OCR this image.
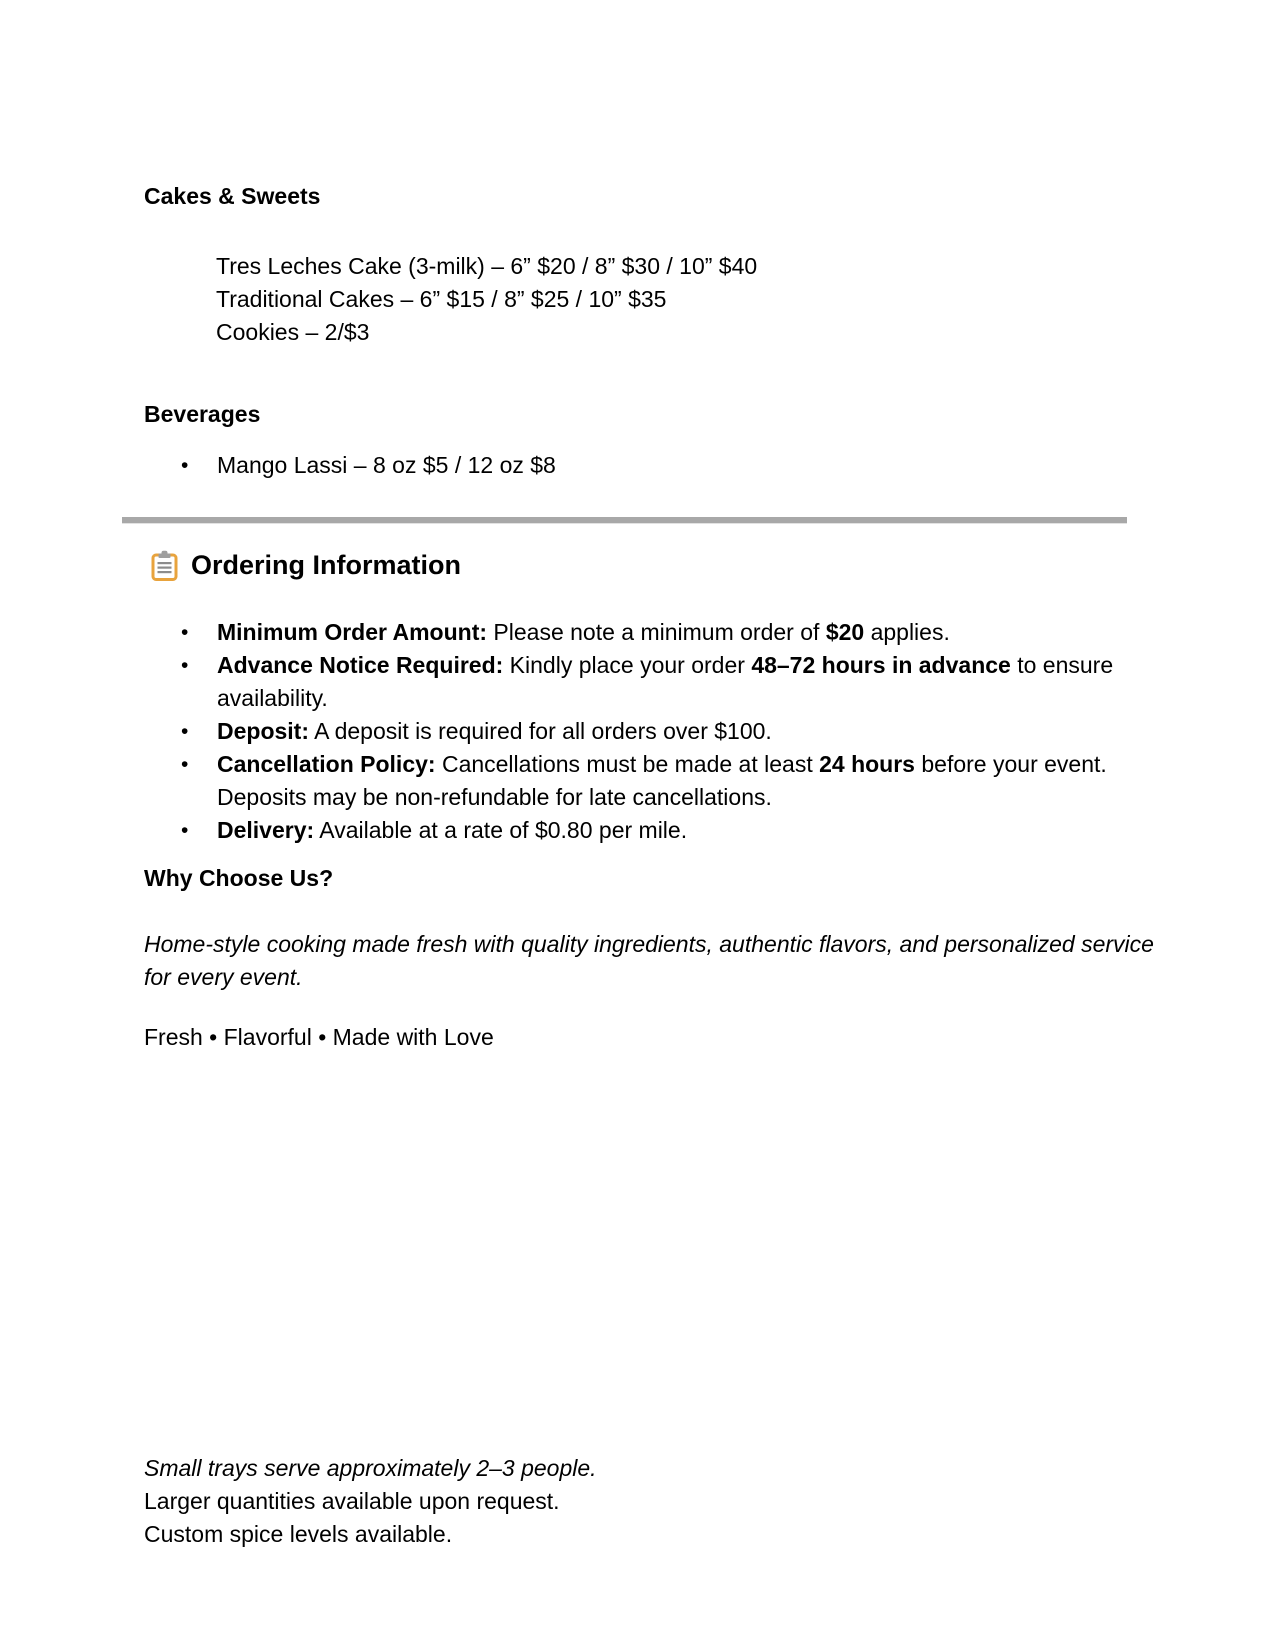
Cakes & Sweets
Tres Leches Cake (3-milk) – 6” $20 / 8” $30 / 10” $40
Traditional Cakes – 6” $15 / 8” $25 / 10” $35
Cookies – 2/$3
Beverages
•	Mango Lassi – 8 oz $5 / 12 oz $8
Ordering Information
•	Minimum Order Amount: Please note a minimum order of $20 applies.
•	Advance Notice Required: Kindly place your order 48–72 hours in advance to ensure availability.
•	Deposit: A deposit is required for all orders over $100.
•	Cancellation Policy: Cancellations must be made at least 24 hours before your event. Deposits may be non-refundable for late cancellations.
•	Delivery: Available at a rate of $0.80 per mile.
Why Choose Us?
Home-style cooking made fresh with quality ingredients, authentic flavors, and personalized service for every event.
Fresh • Flavorful • Made with Love
Small trays serve approximately 2–3 people.
Larger quantities available upon request.
Custom spice levels available.
